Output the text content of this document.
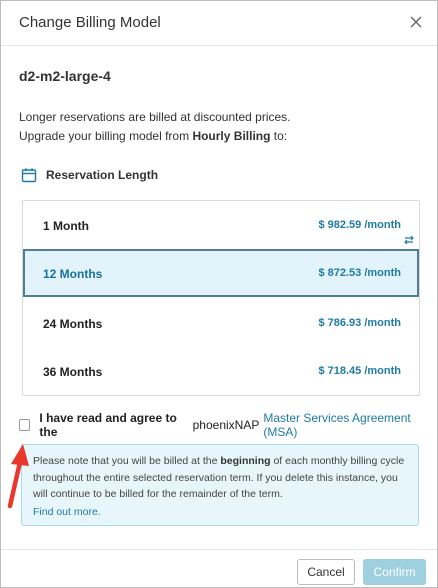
Change Billing Model
d2-m2-large-4
Longer reservations are billed at discounted prices.
Upgrade your billing model from Hourly Billing to:
Reservation Length
1 Month	$ 982.59 /month
12 Months	$ 872.53 /month
24 Months	$ 786.93 /month
36 Months	$ 718.45 /month
I have read and agree to the	phoenixNAP Master Services Agreement (MSA)
Please note that you will be billed at the beginning of each monthly billing cycle throughout the entire selected reservation term. If you delete this instance, you will continue to be billed for the remainder of the term.
Find out more.
Cancel	Confirm
